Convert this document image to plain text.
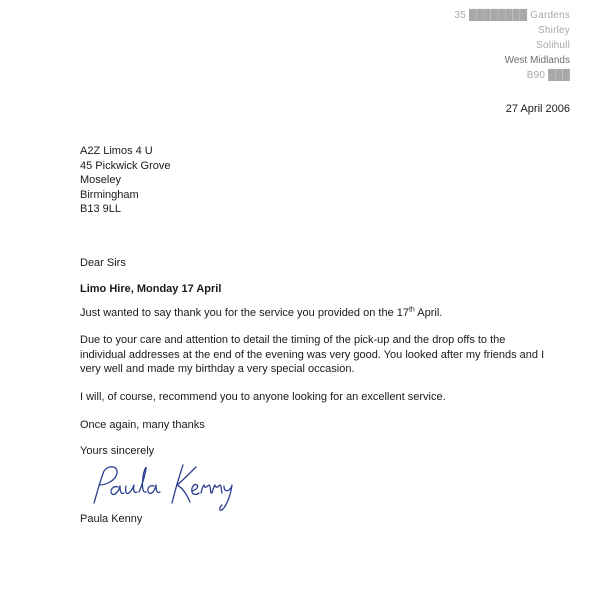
35 ████████ Gardens
Shirley
Solihull
West Midlands
B90 ███
27 April 2006
A2Z Limos 4 U
45 Pickwick Grove
Moseley
Birmingham
B13 9LL
Dear Sirs
Limo Hire, Monday 17 April
Just wanted to say thank you for the service you provided on the 17th April.
Due to your care and attention to detail the timing of the pick-up and the drop offs to the individual addresses at the end of the evening was very good. You looked after my friends and I very well and made my birthday a very special occasion.
I will, of course, recommend you to anyone looking for an excellent service.
Once again, many thanks
Yours sincerely
Paula Kenny
